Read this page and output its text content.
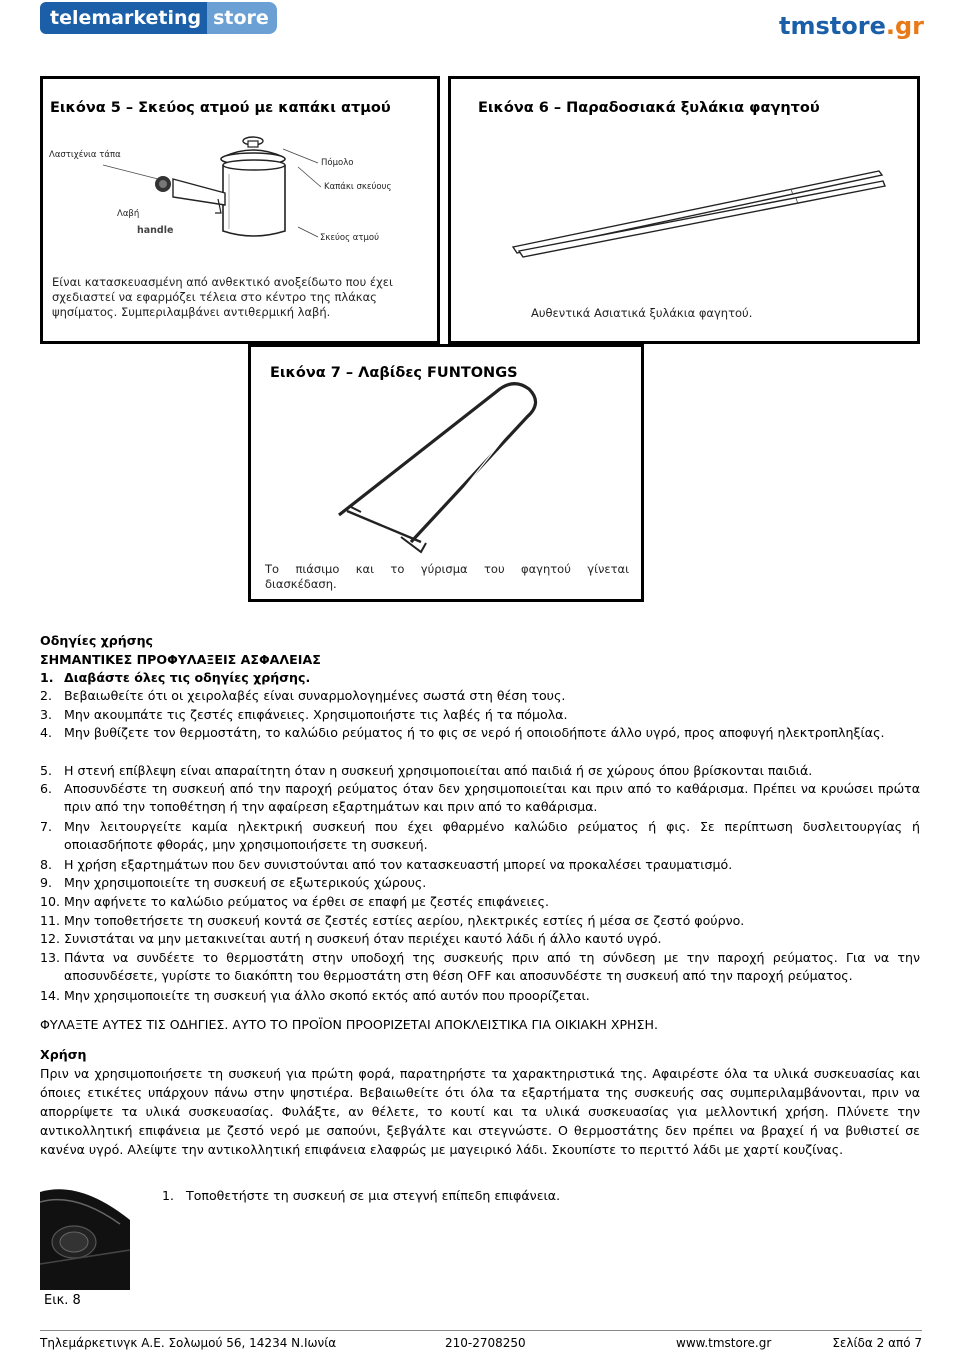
telemarketing store	tmstore.gr
Εικόνα 5 – Σκεύος ατμού με καπάκι ατμού
Λαστιχένια τάπα
Πόμολο
Καπάκι σκεύους
Λαβή
handle
Σκεύος ατμού
Είναι κατασκευασμένη από ανθεκτικό ανοξείδωτο που έχει σχεδιαστεί να εφαρμόζει τέλεια στο κέντρο της πλάκας ψησίματος. Συμπεριλαμβάνει αντιθερμική λαβή.
Εικόνα 6 – Παραδοσιακά ξυλάκια φαγητού
Αυθεντικά Ασιατικά ξυλάκια φαγητού.
Εικόνα 7 – Λαβίδες FUNTONGS
Το πιάσιμο και το γύρισμα του φαγητού γίνεται διασκέδαση.
Οδηγίες χρήσης
ΣΗΜΑΝΤΙΚΕΣ ΠΡΟΦΥΛΑΞΕΙΣ ΑΣΦΑΛΕΙΑΣ
1. Διαβάστε όλες τις οδηγίες χρήσης.
2. Βεβαιωθείτε ότι οι χειρολαβές είναι συναρμολογημένες σωστά στη θέση τους.
3. Μην ακουμπάτε τις ζεστές επιφάνειες. Χρησιμοποιήστε τις λαβές ή τα πόμολα.
4. Μην βυθίζετε τον θερμοστάτη, το καλώδιο ρεύματος ή το φις σε νερό ή οποιοδήποτε άλλο υγρό, προς αποφυγή ηλεκτροπληξίας.
5. Η στενή επίβλεψη είναι απαραίτητη όταν η συσκευή χρησιμοποιείται από παιδιά ή σε χώρους όπου βρίσκονται παιδιά.
6. Αποσυνδέστε τη συσκευή από την παροχή ρεύματος όταν δεν χρησιμοποιείται και πριν από το καθάρισμα. Πρέπει να κρυώσει πρώτα πριν από την τοποθέτηση ή την αφαίρεση εξαρτημάτων και πριν από το καθάρισμα.
7. Μην λειτουργείτε καμία ηλεκτρική συσκευή που έχει φθαρμένο καλώδιο ρεύματος ή φις. Σε περίπτωση δυσλειτουργίας ή οποιασδήποτε φθοράς, μην χρησιμοποιήσετε τη συσκευή.
8. Η χρήση εξαρτημάτων που δεν συνιστούνται από τον κατασκευαστή μπορεί να προκαλέσει τραυματισμό.
9. Μην χρησιμοποιείτε τη συσκευή σε εξωτερικούς χώρους.
10. Μην αφήνετε το καλώδιο ρεύματος να έρθει σε επαφή με ζεστές επιφάνειες.
11. Μην τοποθετήσετε τη συσκευή κοντά σε ζεστές εστίες αερίου, ηλεκτρικές εστίες ή μέσα σε ζεστό φούρνο.
12. Συνιστάται να μην μετακινείται αυτή η συσκευή όταν περιέχει καυτό λάδι ή άλλο καυτό υγρό.
13. Πάντα να συνδέετε το θερμοστάτη στην υποδοχή της συσκευής πριν από τη σύνδεση με την παροχή ρεύματος. Για να την αποσυνδέσετε, γυρίστε το διακόπτη του θερμοστάτη στη θέση OFF και αποσυνδέστε τη συσκευή από την παροχή ρεύματος.
14. Μην χρησιμοποιείτε τη συσκευή για άλλο σκοπό εκτός από αυτόν που προορίζεται.
ΦΥΛΑΞΤΕ ΑΥΤΕΣ ΤΙΣ ΟΔΗΓΙΕΣ. ΑΥΤΟ ΤΟ ΠΡΟΪΟΝ ΠΡΟΟΡΙΖΕΤΑΙ ΑΠΟΚΛΕΙΣΤΙΚΑ ΓΙΑ ΟΙΚΙΑΚΗ ΧΡΗΣΗ.
Χρήση
Πριν να χρησιμοποιήσετε τη συσκευή για πρώτη φορά, παρατηρήστε τα χαρακτηριστικά της. Αφαιρέστε όλα τα υλικά συσκευασίας και όποιες ετικέτες υπάρχουν πάνω στην ψηστιέρα. Βεβαιωθείτε ότι όλα τα εξαρτήματα της συσκευής σας συμπεριλαμβάνονται, πριν να απορρίψετε τα υλικά συσκευασίας. Φυλάξτε, αν θέλετε, το κουτί και τα υλικά συσκευασίας για μελλοντική χρήση. Πλύνετε την αντικολλητική επιφάνεια με ζεστό νερό με σαπούνι, ξεβγάλτε και στεγνώστε. Ο θερμοστάτης δεν πρέπει να βραχεί ή να βυθιστεί σε κανένα υγρό. Αλείψτε την αντικολλητική επιφάνεια ελαφρώς με μαγειρικό λάδι. Σκουπίστε το περιττό λάδι με χαρτί κουζίνας.
1. Τοποθετήστε τη συσκευή σε μια στεγνή επίπεδη επιφάνεια.
Εικ. 8
Τηλεμάρκετινγκ Α.Ε. Σολωμού 56, 14234 Ν.Ιωνία	210-2708250	www.tmstore.gr	Σελίδα 2 από 7
